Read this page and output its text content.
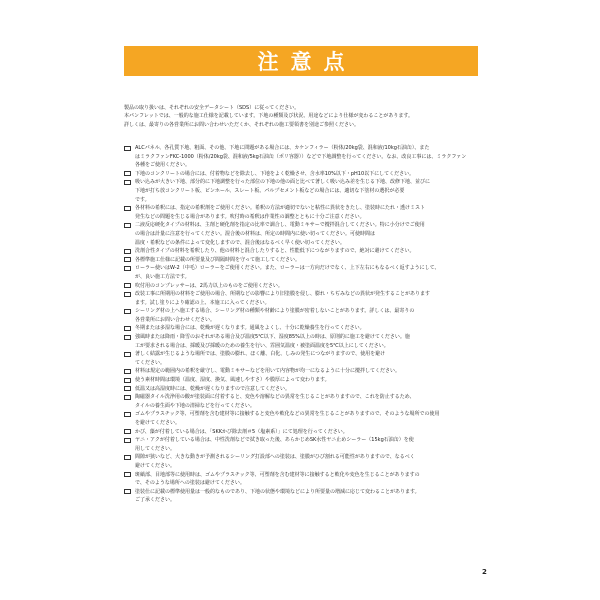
注意点

製品の取り扱いは、それぞれの安全データシート（SDS）に従ってください。

本パンフレットでは、一般的な施工仕様を記載しています。下地の種類及び状況、用途などにより仕様が変わることがあります。

詳しくは、最寄りの各営業所にお問い合わせいただくか、それぞれの施工要領書を別途ご参照ください。

ALCパネル、各孔質下地、粗面、その他、下地に問題がある場合には、カケンフィラー（粉体/20kg袋、混和液/10kg石油缶）、また
はミラクファンFKC-1000（粉体/20kg袋、混和液/5kg石油缶（ポリ容器））などで下地調整を行ってください。なお、改良工事には、ミラクファン
各種をご使用ください。
下地のコンクリートの場合には、付着物などを除去し、下地をよく乾燥させ、含水率10%以下・pH10以下にしてください。
吸い込みが大きい下地、部分的に下地調整を行った部位の下地の他の面と比べて著しく吸い込み差を生じる下地、改修下地、並びに
下地が打ち放コンクリート板、ピンホール、スレート板、パルプセメント板などの場合には、適切な下塗材の選択が必要
です。
各材料の希釈には、指定の希釈剤をご使用ください。希釈の方法が適切でないと粘性に異状をきたし、塗装時にたれ・透けミスト
発生などの問題を生じる場合があります。吹付時の希釈は作業性の調整とともに十分ご注意ください。
二液反応硬化タイプの材料は、主剤と硬化剤を指定の比率で調合し、電動ミキサーで攪拌混合してください。特に小分けでご使用
の場合は計量に注意を行ってください。混合後の材料は、所定の時間内に使い切ってください。可使時間は
温度・希釈などの条件によって変化しますので、混合後はなるべく早く使い切ってください。
洗剤合性タイプの材料を希釈したり、他の材料と混合したりすると、性能低下につながりますので、絶対に避けてください。
各標準施工仕様に記載の所要量及び間隔時間を守って施工してください。
ローラー使いはW-2（中毛）ローラーをご使用ください。また、ローラーは一方向だけでなく、上下左右にもなるべく返すようにして、
が、良い施工方法です。
吹付用のコンプレッサーは、2馬力以上のものをご使用ください。
改装工事に所期用の材料をご使用の場合、所期などの影響により旧塗膜を侵し、膨れ・ちぢみなどの異状が発生することがあります
ます。試し塗りにより確認の上、本施工に入ってください。
シーリング材の上へ施工する場合、シーリング材の種類や材齢により塗膜が密着しないことがあります。詳しくは、最寄りの
各営業所にお問い合わせください。
冬期または多湿な場合には、乾燥が遅くなります。通風をよくし、十分に乾燥養生を行ってください。
強風時または降雨・降雪のおそれがある場合及び温度5℃以下、湿度85%以上の時は、原則的に施工を避けてください。施
工が要求される場合は、採暖及び採暖のための養生を行い、雰囲気温度・被塗面温度を5℃以上にしてください。
著しく結露が生じるような場所では、塗膜の膨れ、ほく離、白化、しみの発生につながりますので、使用を避け
てください。
材料は規定の範囲内の希釈を厳守し、電動ミキサーなどを用いて内容物が均一になるように十分に攪拌してください。
使う素材時間は環境（温度、湿度、換気、風速しやすさ）や膜厚によって変わります。
低温又は高湿度時には、乾燥が遅くなりますので注意してください。
陶磁器タイル洗浄用の酸が塗装面に付着すると、変色や溶解などの異常を生じることがありますので、これを防止するため、
タイルの養生面や下地の清掃などを行ってください。
ゴムやプラスチック等、可塑剤を含む建材等に接触すると変色や軟化などの異常を生じることがありますので、そのような場所での使用
を避けてください。
かび、藻が付着している場合は、「SKKかび除去剤＃5（塩素系）」にて処理を行ってください。
ヤニ・アクが付着している場合は、中性洗剤などで拭き取った後、あらかじめSK水性ヤニ止めシーラー（15kg石油缶）を使
用してください。
間隙が狭いなど、大きな動きが予測されるシーリング打設部への塗装は、塗膜がひび割れる可能性がありますので、なるべく
避けてください。
斑縞部、目地部等に使用時は、ゴムやプラスチック等、可塑剤を含む建材等に接触すると軟化や変色を生じることがありますの
で、そのような場所への塗装は避けてください。
塗装仕に記載の標準使用量は一般的なものであり、下地の状態や環境などにより所要量の増減に応じて変わることがあります。
ご了承ください。
2
